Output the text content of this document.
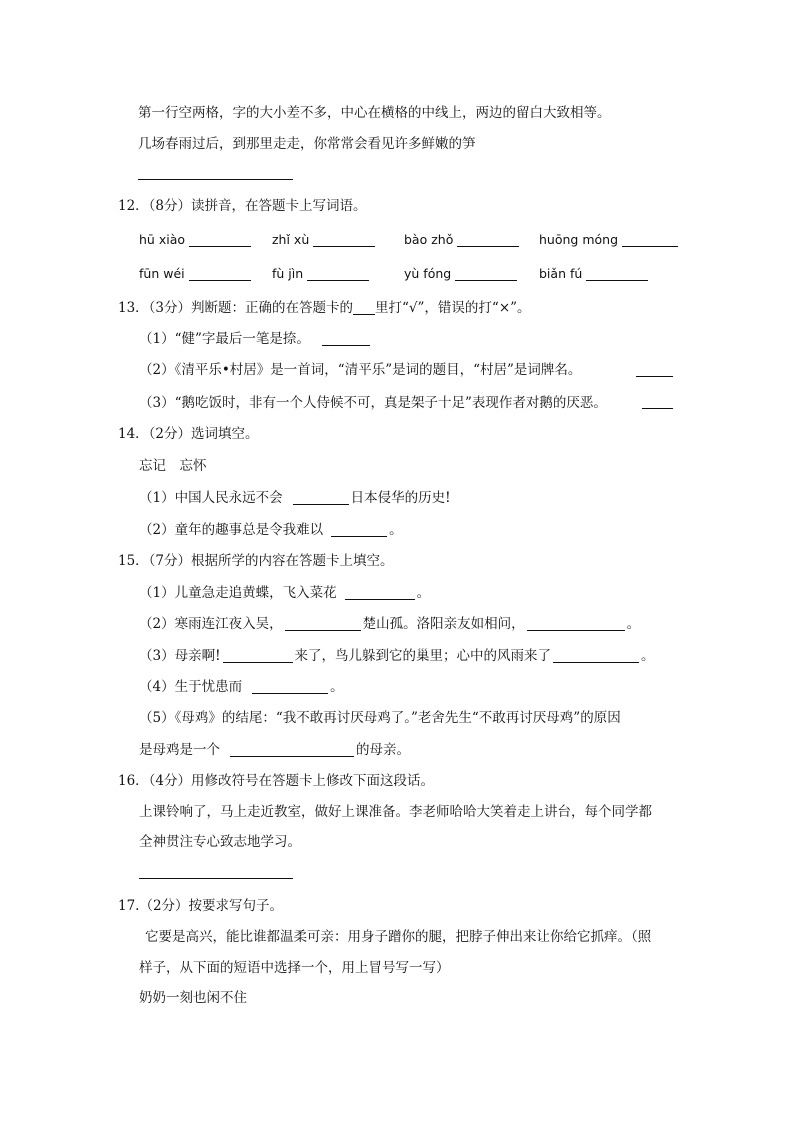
第一行空两格，字的大小差不多，中心在横格的中线上，两边的留白大致相等。
几场春雨过后，到那里走走，你常常会看见许多鲜嫩的笋
12．（8分）读拼音，在答题卡上写词语。
hū xiào	zhǐ xù	bào zhǒ	huōng móng
fūn wéi	fù jìn	yù fóng	biǎn fú
13．（3分）判断题：正确的在答题卡的 里打“√”，错误的打“×”。
（1）“健”字最后一笔是捺。
（2）《清平乐•村居》是一首词，“清平乐”是词的题目，“村居”是词牌名。
（3）“鹅吃饭时，非有一个人侍候不可，真是架子十足”表现作者对鹅的厌恶。
14．（2分）选词填空。
忘记　忘怀
（1）中国人民永远不会	日本侵华的历史!
（2）童年的趣事总是令我难以	。
15．（7分）根据所学的内容在答题卡上填空。
（1）儿童急走追黄蝶，飞入菜花	。
（2）寒雨连江夜入吴，	楚山孤。洛阳亲友如相问，	。
（3）母亲啊!	来了，鸟儿躲到它的巢里；心中的风雨来了	。
（4）生于忧患而	。
（5）《母鸡》的结尾：“我不敢再讨厌母鸡了。”老舍先生“不敢再讨厌母鸡”的原因
是母鸡是一个	的母亲。
16．（4分）用修改符号在答题卡上修改下面这段话。
上课铃响了，马上走近教室，做好上课准备。李老师哈哈大笑着走上讲台，每个同学都
全神贯注专心致志地学习。
17.（2分）按要求写句子。
它要是高兴，能比谁都温柔可亲：用身子蹭你的腿，把脖子伸出来让你给它抓痒。（照
样子，从下面的短语中选择一个，用上冒号写一写）
奶奶一刻也闲不住
